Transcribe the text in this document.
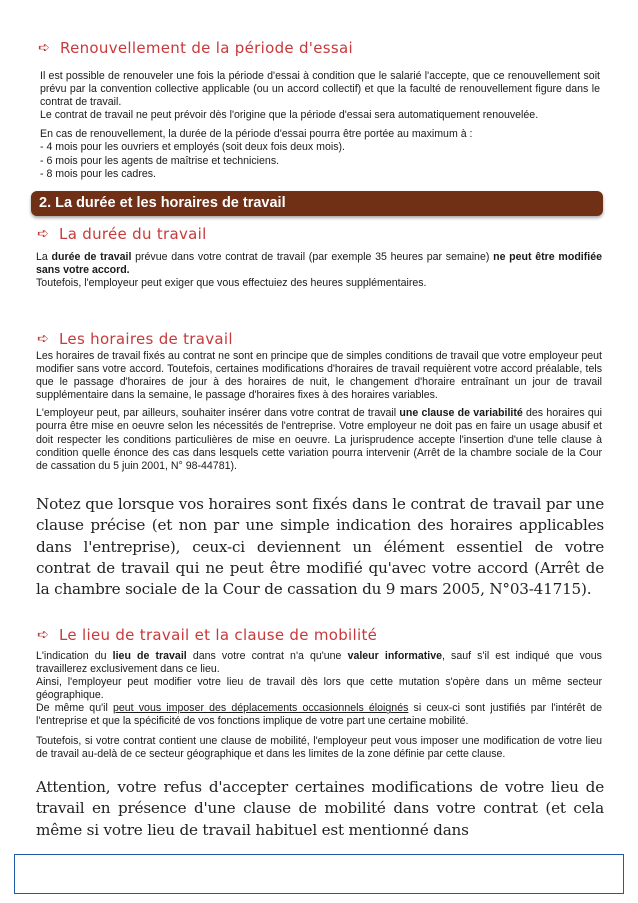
➪ Renouvellement de la période d'essai

Il est possible de renouveler une fois la période d'essai à condition que le salarié l'accepte, que ce renouvellement soit prévu par la convention collective applicable (ou un accord collectif) et que la faculté de renouvellement figure dans le contrat de travail.

Le contrat de travail ne peut prévoir dès l'origine que la période d'essai sera automatiquement renouvelée.

En cas de renouvellement, la durée de la période d'essai pourra être portée au maximum à :

- 4 mois pour les ouvriers et employés (soit deux fois deux mois).

- 6 mois pour les agents de maîtrise et techniciens.

- 8 mois pour les cadres.

2. La durée et les horaires de travail
➪ La durée du travail

La durée de travail prévue dans votre contrat de travail (par exemple 35 heures par semaine) ne peut être modifiée sans votre accord.

Toutefois, l'employeur peut exiger que vous effectuiez des heures supplémentaires.

➪ Les horaires de travail

Les horaires de travail fixés au contrat ne sont en principe que de simples conditions de travail que votre employeur peut modifier sans votre accord. Toutefois, certaines modifications d'horaires de travail requièrent votre accord préalable, tels que le passage d'horaires de jour à des horaires de nuit, le changement d'horaire entraînant un jour de travail supplémentaire dans la semaine, le passage d'horaires fixes à des horaires variables.

L'employeur peut, par ailleurs, souhaiter insérer dans votre contrat de travail une clause de variabilité des horaires qui pourra être mise en oeuvre selon les nécessités de l'entreprise. Votre employeur ne doit pas en faire un usage abusif et doit respecter les conditions particulières de mise en oeuvre. La jurisprudence accepte l'insertion d'une telle clause à condition quelle énonce des cas dans lesquels cette variation pourra intervenir (Arrêt de la chambre sociale de la Cour de cassation du 5 juin 2001, N° 98-44781).

Notez que lorsque vos horaires sont fixés dans le contrat de travail par une clause précise (et non par une simple indication des horaires applicables dans l'entreprise), ceux-ci deviennent un élément essentiel de votre contrat de travail qui ne peut être modifié qu'avec votre accord (Arrêt de la chambre sociale de la Cour de cassation du 9 mars 2005, N°03-41715).
➪ Le lieu de travail et la clause de mobilité

L'indication du lieu de travail dans votre contrat n'a qu'une valeur informative, sauf s'il est indiqué que vous travaillerez exclusivement dans ce lieu.

Ainsi, l'employeur peut modifier votre lieu de travail dès lors que cette mutation s'opère dans un même secteur géographique.

De même qu'il peut vous imposer des déplacements occasionnels éloignés si ceux-ci sont justifiés par l'intérêt de l'entreprise et que la spécificité de vos fonctions implique de votre part une certaine mobilité.

Toutefois, si votre contrat contient une clause de mobilité, l'employeur peut vous imposer une modification de votre lieu de travail au-delà de ce secteur géographique et dans les limites de la zone définie par cette clause.

Attention, votre refus d'accepter certaines modifications de votre lieu de travail en présence d'une clause de mobilité dans votre contrat (et cela même si votre lieu de travail habituel est mentionné dans
